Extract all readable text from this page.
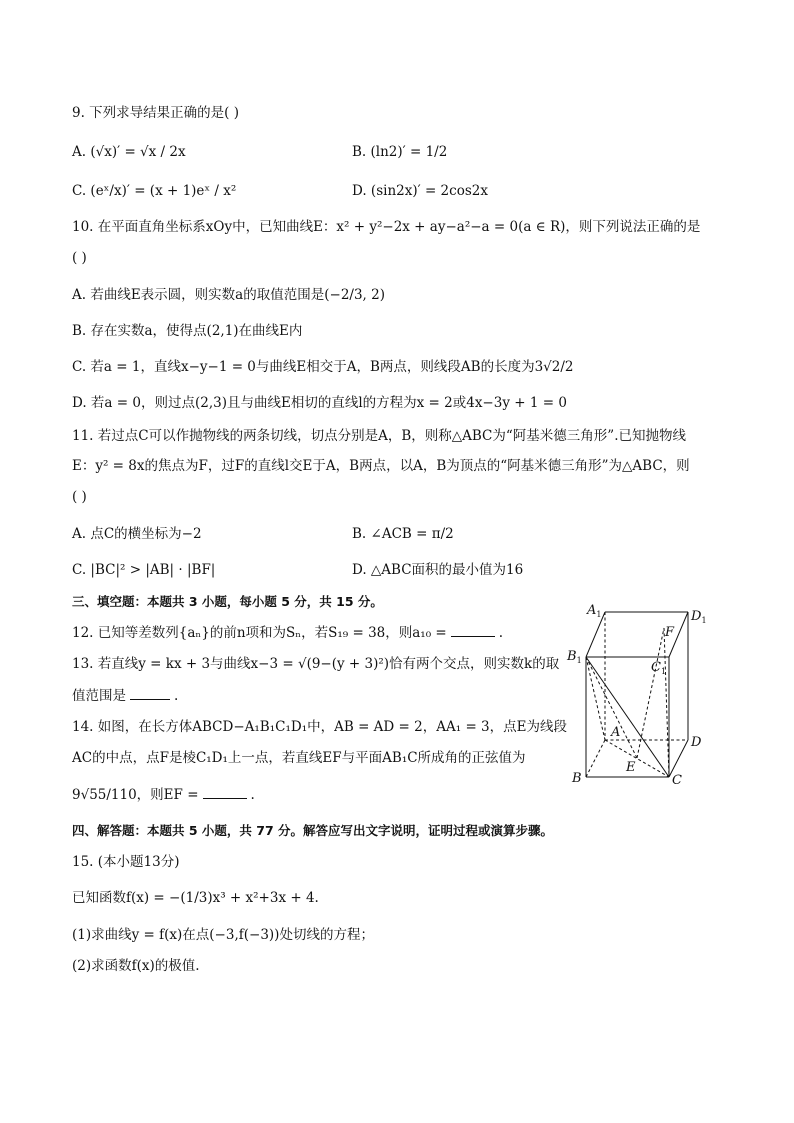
9. 下列求导结果正确的是( )
A. (√x)′ = √x / 2x	B. (ln2)′ = 1/2
C. (eˣ/x)′ = (x + 1)eˣ / x²	D. (sin2x)′ = 2cos2x
10. 在平面直角坐标系xOy中，已知曲线E：x² + y²−2x + ay−a²−a = 0(a ∈ R)，则下列说法正确的是
( )
A. 若曲线E表示圆，则实数a的取值范围是(−2/3, 2)
B. 存在实数a，使得点(2,1)在曲线E内
C. 若a = 1，直线x−y−1 = 0与曲线E相交于A，B两点，则线段AB的长度为3√2/2
D. 若a = 0，则过点(2,3)且与曲线E相切的直线l的方程为x = 2或4x−3y + 1 = 0
11. 若过点C可以作抛物线的两条切线，切点分别是A，B，则称△ABC为“阿基米德三角形”.已知抛物线
E：y² = 8x的焦点为F，过F的直线l交E于A，B两点，以A，B为顶点的“阿基米德三角形”为△ABC，则
( )
A. 点C的横坐标为−2	B. ∠ACB = π/2
C. |BC|² > |AB| · |BF|	D. △ABC面积的最小值为16
三、填空题：本题共 3 小题，每小题 5 分，共 15 分。
12. 已知等差数列{aₙ}的前n项和为Sₙ，若S₁₉ = 38，则a₁₀ =	.
13. 若直线y = kx + 3与曲线x−3 = √(9−(y + 3)²)恰有两个交点，则实数k的取
值范围是	.
14. 如图，在长方体ABCD−A₁B₁C₁D₁中，AB = AD = 2，AA₁ = 3，点E为线段
AC的中点，点F是棱C₁D₁上一点，若直线EF与平面AB₁C所成角的正弦值为
9√55/110，则EF =	.
四、解答题：本题共 5 小题，共 77 分。解答应写出文字说明，证明过程或演算步骤。
15. (本小题13分)
已知函数f(x) = −(1/3)x³ + x²+3x + 4.
(1)求曲线y = f(x)在点(−3,f(−3))处切线的方程；
(2)求函数f(x)的极值.
$A_1$	$D_1$
F
$B_1$	$C_1$
A
D
E
B	C
